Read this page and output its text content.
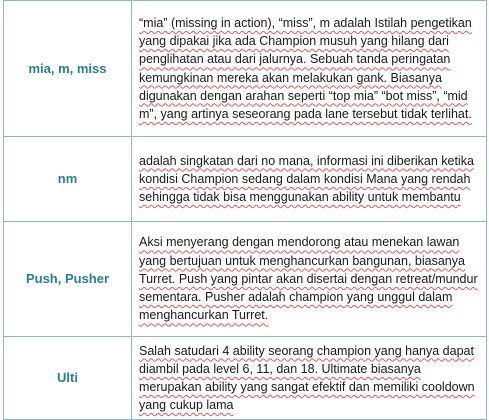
mia, m, miss	“mia” (missing in action), “miss”, m adalah Istilah pengetikan yang dipakai jika ada Champion musuh yang hilang dari penglihatan atau dari jalurnya. Sebuah tanda peringatan kemungkinan mereka akan melakukan gank. Biasanya digunakan dengan arahan seperti “top mia” “bot miss”, “mid m”, yang artinya seseorang pada lane tersebut tidak terlihat.

nm	adalah singkatan dari no mana, informasi ini diberikan ketika kondisi Champion sedang dalam kondisi Mana yang rendah sehingga tidak bisa menggunakan ability untuk membantu

Push, Pusher	Aksi menyerang dengan mendorong atau menekan lawan yang bertujuan untuk menghancurkan bangunan, biasanya Turret. Push yang pintar akan disertai dengan retreat/mundur sementara. Pusher adalah champion yang unggul dalam menghancurkan Turret.

Ulti	Salah satudari 4 ability seorang champion yang hanya dapat diambil pada level 6, 11, dan 18. Ultimate biasanya merupakan ability yang sangat efektif dan memiliki cooldown yang cukup lama
